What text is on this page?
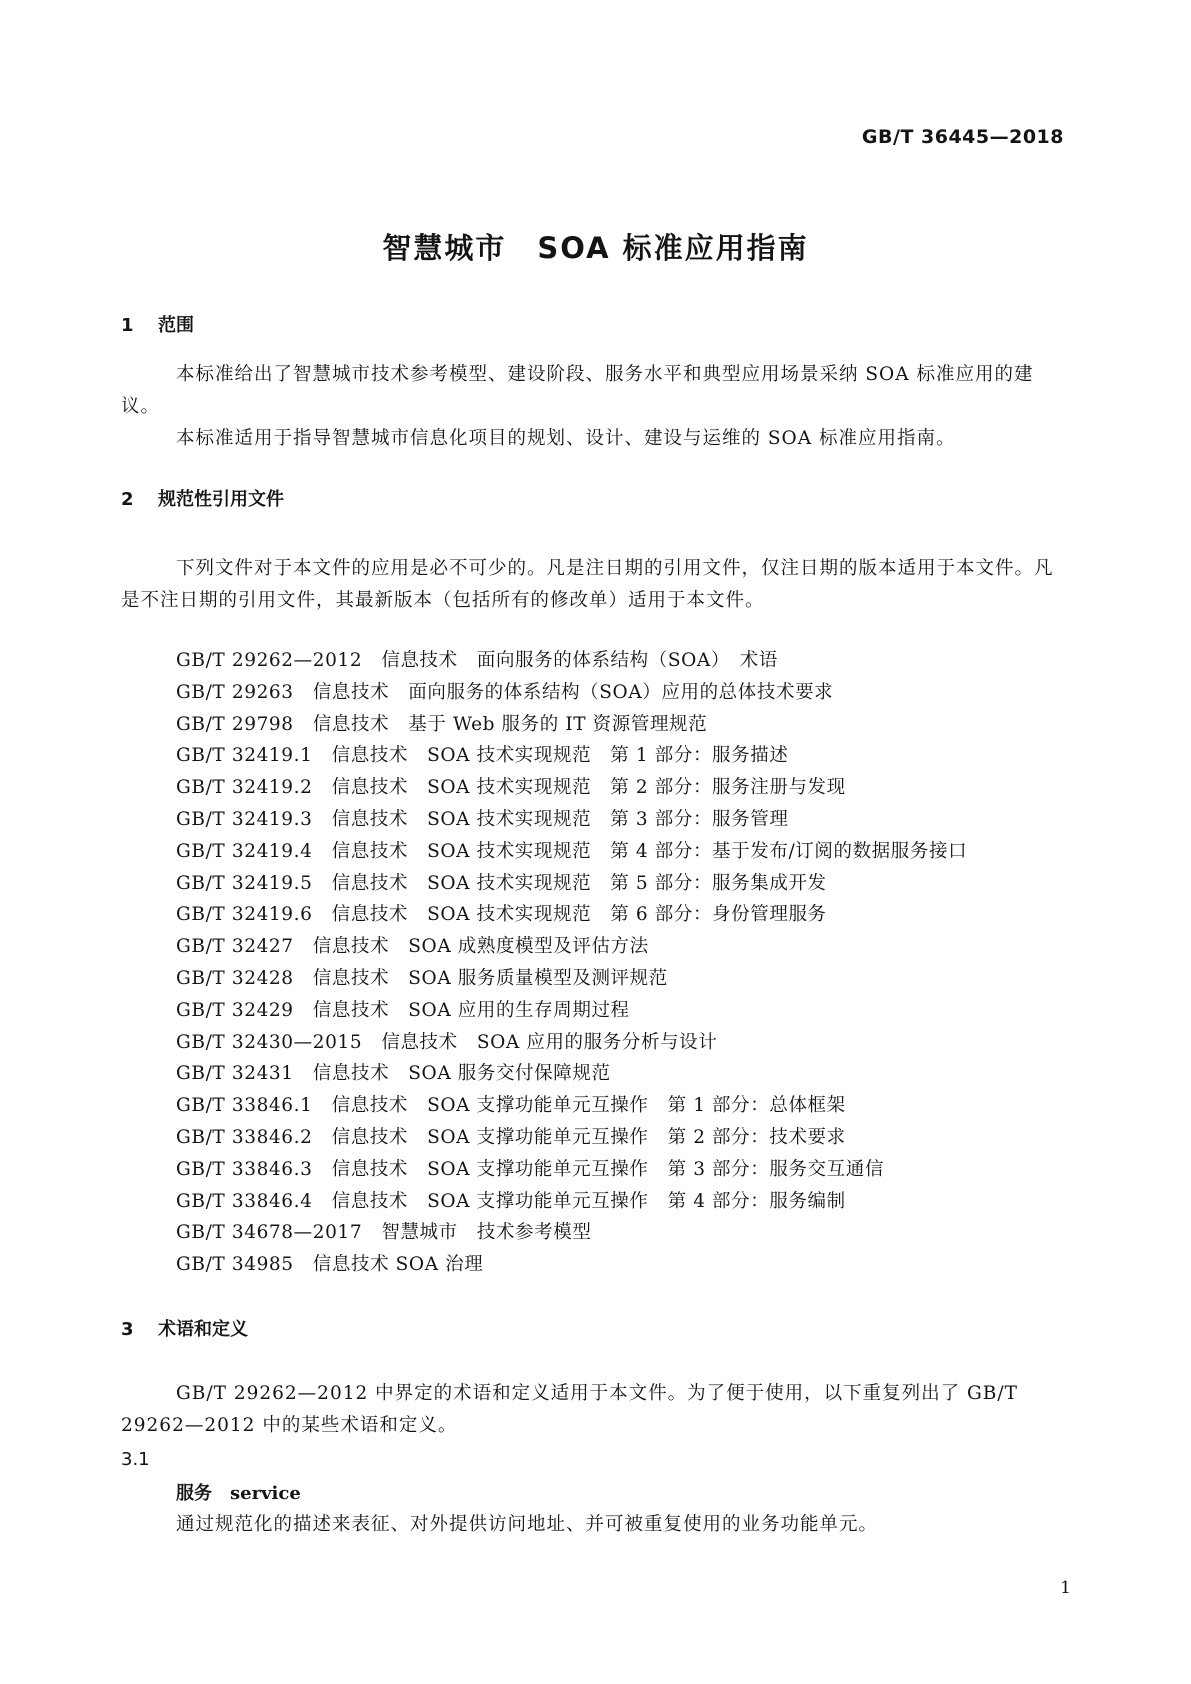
GB/T 36445—2018
智慧城市　SOA 标准应用指南
1 范围

本标准给出了智慧城市技术参考模型、建设阶段、服务水平和典型应用场景采纳 SOA 标准应用的建议。

本标准适用于指导智慧城市信息化项目的规划、设计、建设与运维的 SOA 标准应用指南。

2 规范性引用文件

下列文件对于本文件的应用是必不可少的。凡是注日期的引用文件，仅注日期的版本适用于本文件。凡是不注日期的引用文件，其最新版本（包括所有的修改单）适用于本文件。

GB/T 29262—2012　信息技术　面向服务的体系结构（SOA）　术语
GB/T 29263　信息技术　面向服务的体系结构（SOA）应用的总体技术要求
GB/T 29798　信息技术　基于 Web 服务的 IT 资源管理规范
GB/T 32419.1　信息技术　SOA 技术实现规范　第 1 部分：服务描述
GB/T 32419.2　信息技术　SOA 技术实现规范　第 2 部分：服务注册与发现
GB/T 32419.3　信息技术　SOA 技术实现规范　第 3 部分：服务管理
GB/T 32419.4　信息技术　SOA 技术实现规范　第 4 部分：基于发布/订阅的数据服务接口
GB/T 32419.5　信息技术　SOA 技术实现规范　第 5 部分：服务集成开发
GB/T 32419.6　信息技术　SOA 技术实现规范　第 6 部分：身份管理服务
GB/T 32427　信息技术　SOA 成熟度模型及评估方法
GB/T 32428　信息技术　SOA 服务质量模型及测评规范
GB/T 32429　信息技术　SOA 应用的生存周期过程
GB/T 32430—2015　信息技术　SOA 应用的服务分析与设计
GB/T 32431　信息技术　SOA 服务交付保障规范
GB/T 33846.1　信息技术　SOA 支撑功能单元互操作　第 1 部分：总体框架
GB/T 33846.2　信息技术　SOA 支撑功能单元互操作　第 2 部分：技术要求
GB/T 33846.3　信息技术　SOA 支撑功能单元互操作　第 3 部分：服务交互通信
GB/T 33846.4　信息技术　SOA 支撑功能单元互操作　第 4 部分：服务编制
GB/T 34678—2017　智慧城市　技术参考模型
GB/T 34985　信息技术 SOA 治理
3 术语和定义

GB/T 29262—2012 中界定的术语和定义适用于本文件。为了便于使用，以下重复列出了 GB/T 29262—2012 中的某些术语和定义。

3.1
服务　 service
通过规范化的描述来表征、对外提供访问地址、并可被重复使用的业务功能单元。
1
